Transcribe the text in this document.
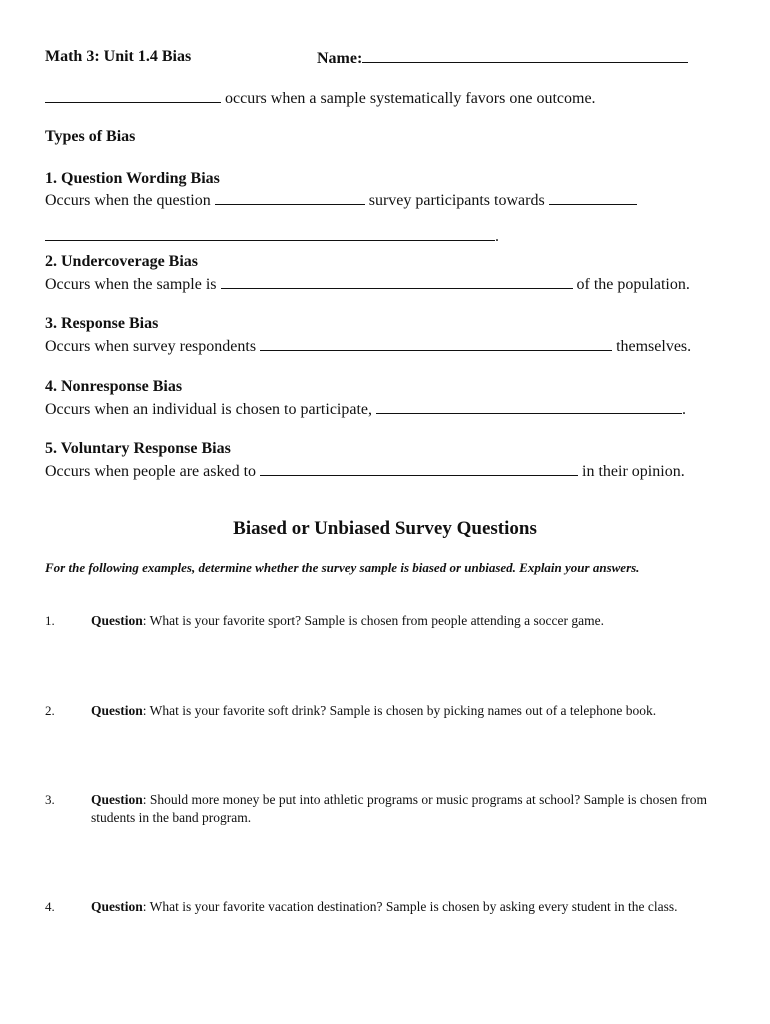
Math 3: Unit 1.4 Bias	Name:
occurs when a sample systematically favors one outcome.
Types of Bias
1. Question Wording Bias
Occurs when the question	survey participants towards
.
2. Undercoverage Bias
Occurs when the sample is	of the population.
3. Response Bias
Occurs when survey respondents	themselves.
4. Nonresponse Bias
Occurs when an individual is chosen to participate,	.
5. Voluntary Response Bias
Occurs when people are asked to	in their opinion.
Biased or Unbiased Survey Questions
For the following examples, determine whether the survey sample is biased or unbiased. Explain your answers.
1.	Question: What is your favorite sport? Sample is chosen from people attending a soccer game.
2.	Question: What is your favorite soft drink? Sample is chosen by picking names out of a telephone book.
3.	Question: Should more money be put into athletic programs or music programs at school? Sample is chosen from students in the band program.
4.	Question: What is your favorite vacation destination? Sample is chosen by asking every student in the class.
